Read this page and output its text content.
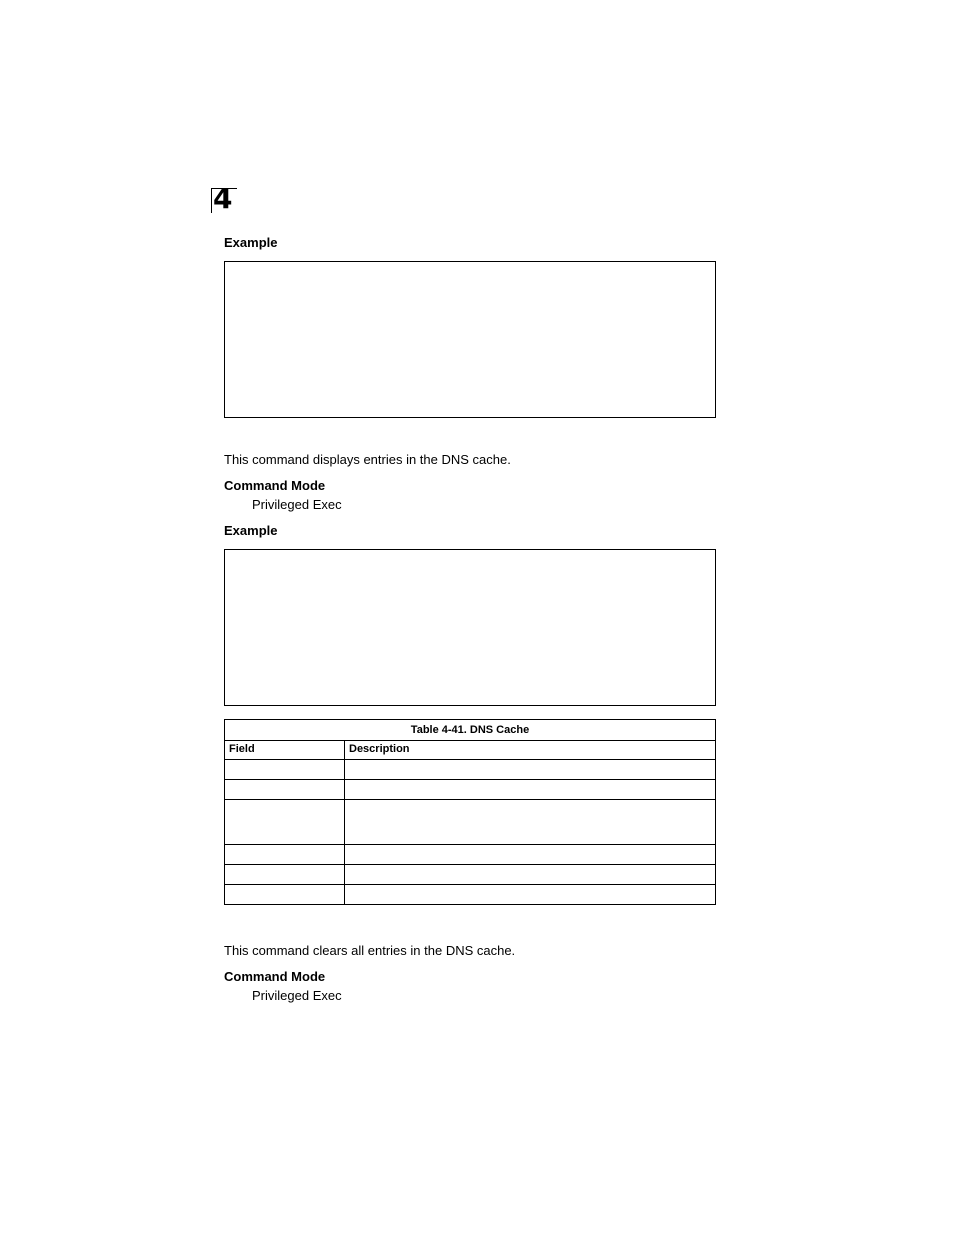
4
Example
This command displays entries in the DNS cache.
Command Mode
Privileged Exec
Example
Table 4-41. DNS Cache	
Field	Description

This command clears all entries in the DNS cache.
Command Mode
Privileged Exec
